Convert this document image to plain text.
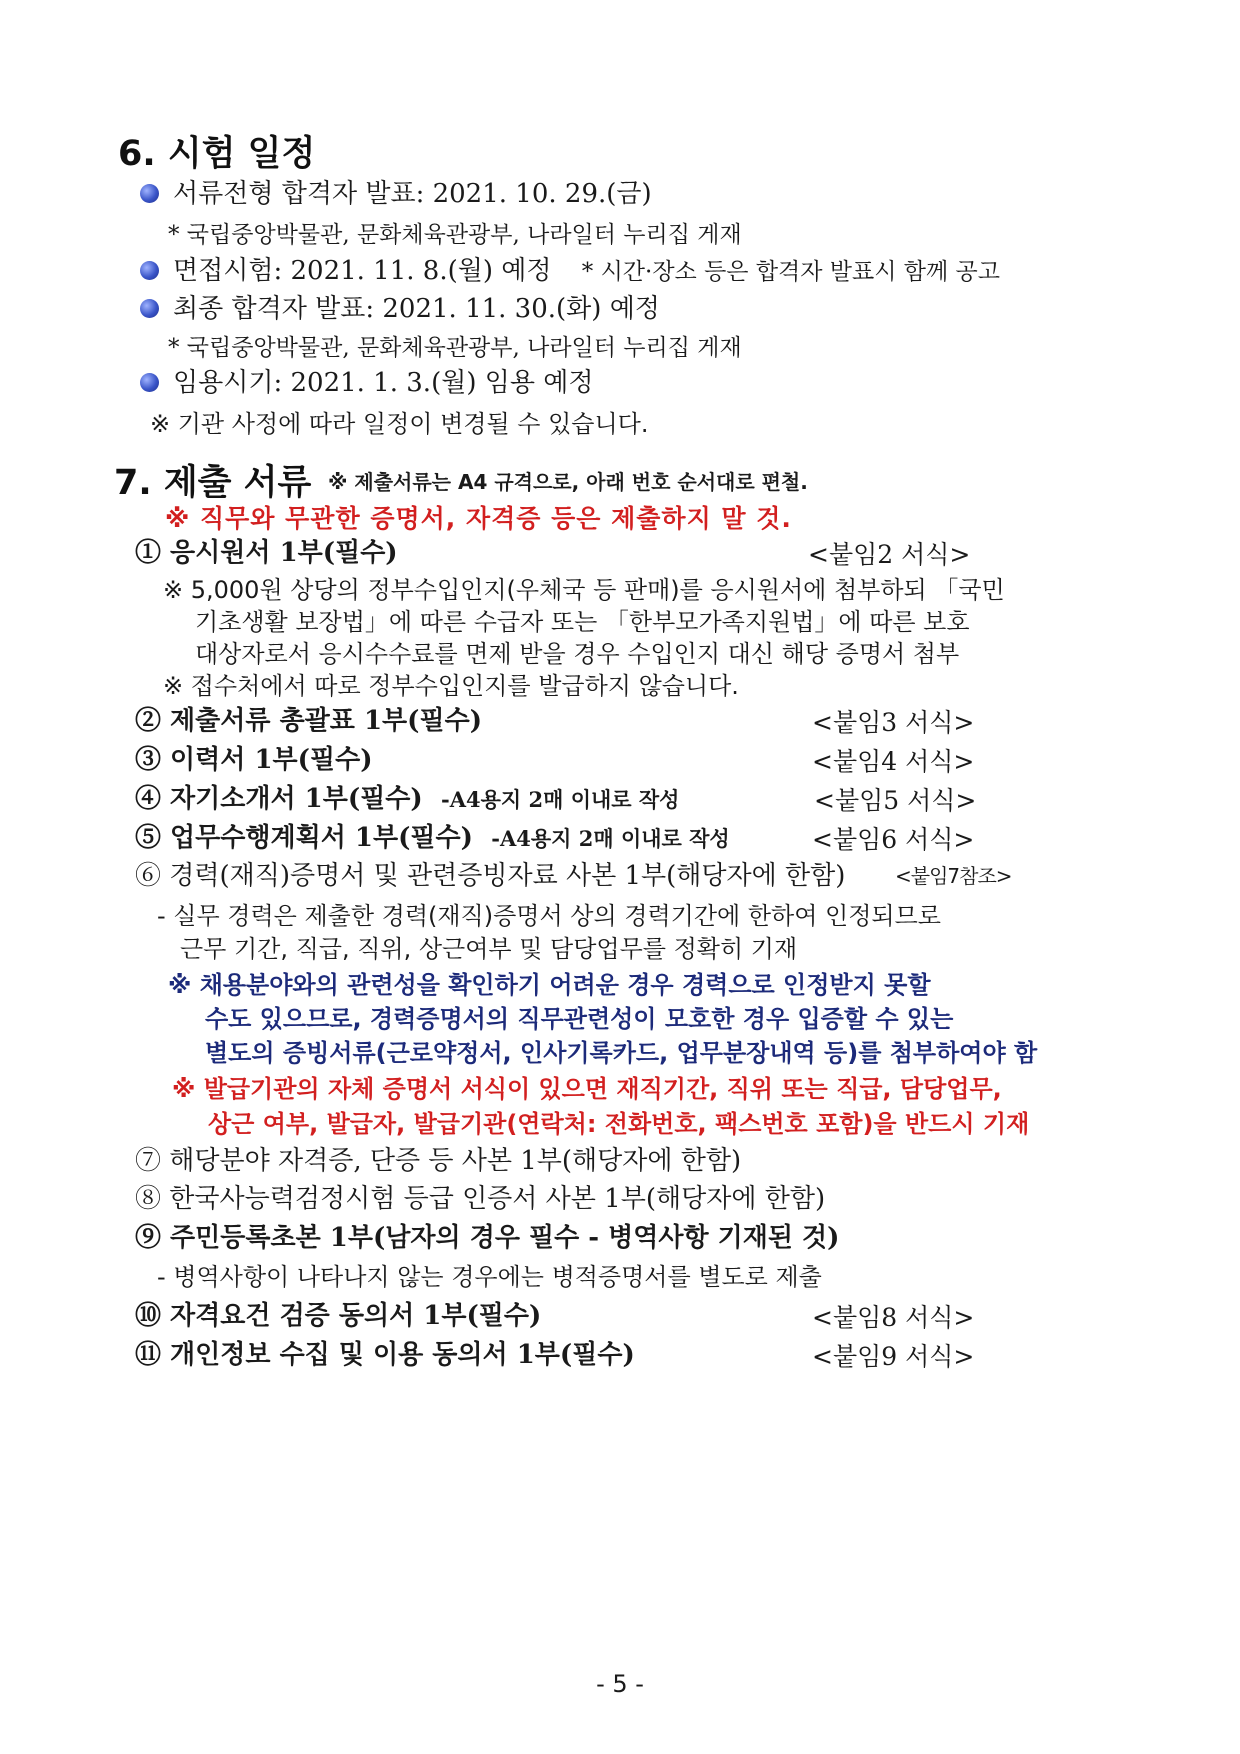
6. 시험 일정
서류전형 합격자 발표: 2021. 10. 29.(금)
* 국립중앙박물관, 문화체육관광부, 나라일터 누리집 게재
면접시험: 2021. 11. 8.(월) 예정 * 시간·장소 등은 합격자 발표시 함께 공고
최종 합격자 발표: 2021. 11. 30.(화) 예정
* 국립중앙박물관, 문화체육관광부, 나라일터 누리집 게재
임용시기: 2021. 1. 3.(월) 임용 예정
※ 기관 사정에 따라 일정이 변경될 수 있습니다.
7. 제출 서류 ※ 제출서류는 A4 규격으로, 아래 번호 순서대로 편철.
※ 직무와 무관한 증명서, 자격증 등은 제출하지 말 것.
① 응시원서 1부(필수)	<붙임2 서식>
※ 5,000원 상당의 정부수입인지(우체국 등 판매)를 응시원서에 첨부하되 「국민
기초생활 보장법」에 따른 수급자 또는 「한부모가족지원법」에 따른 보호
대상자로서 응시수수료를 면제 받을 경우 수입인지 대신 해당 증명서 첨부
※ 접수처에서 따로 정부수입인지를 발급하지 않습니다.
② 제출서류 총괄표 1부(필수)	<붙임3 서식>
③ 이력서 1부(필수)	<붙임4 서식>
④ 자기소개서 1부(필수) -A4용지 2매 이내로 작성	<붙임5 서식>
⑤ 업무수행계획서 1부(필수) -A4용지 2매 이내로 작성	<붙임6 서식>
⑥ 경력(재직)증명서 및 관련증빙자료 사본 1부(해당자에 한함) <붙임7참조>
- 실무 경력은 제출한 경력(재직)증명서 상의 경력기간에 한하여 인정되므로
근무 기간, 직급, 직위, 상근여부 및 담당업무를 정확히 기재
※ 채용분야와의 관련성을 확인하기 어려운 경우 경력으로 인정받지 못할
수도 있으므로, 경력증명서의 직무관련성이 모호한 경우 입증할 수 있는
별도의 증빙서류(근로약정서, 인사기록카드, 업무분장내역 등)를 첨부하여야 함
※ 발급기관의 자체 증명서 서식이 있으면 재직기간, 직위 또는 직급, 담당업무,
상근 여부, 발급자, 발급기관(연락처: 전화번호, 팩스번호 포함)을 반드시 기재
⑦ 해당분야 자격증, 단증 등 사본 1부(해당자에 한함)
⑧ 한국사능력검정시험 등급 인증서 사본 1부(해당자에 한함)
⑨ 주민등록초본 1부(남자의 경우 필수 - 병역사항 기재된 것)
- 병역사항이 나타나지 않는 경우에는 병적증명서를 별도로 제출
⑩ 자격요건 검증 동의서 1부(필수)	<붙임8 서식>
⑪ 개인정보 수집 및 이용 동의서 1부(필수)	<붙임9 서식>
- 5 -
